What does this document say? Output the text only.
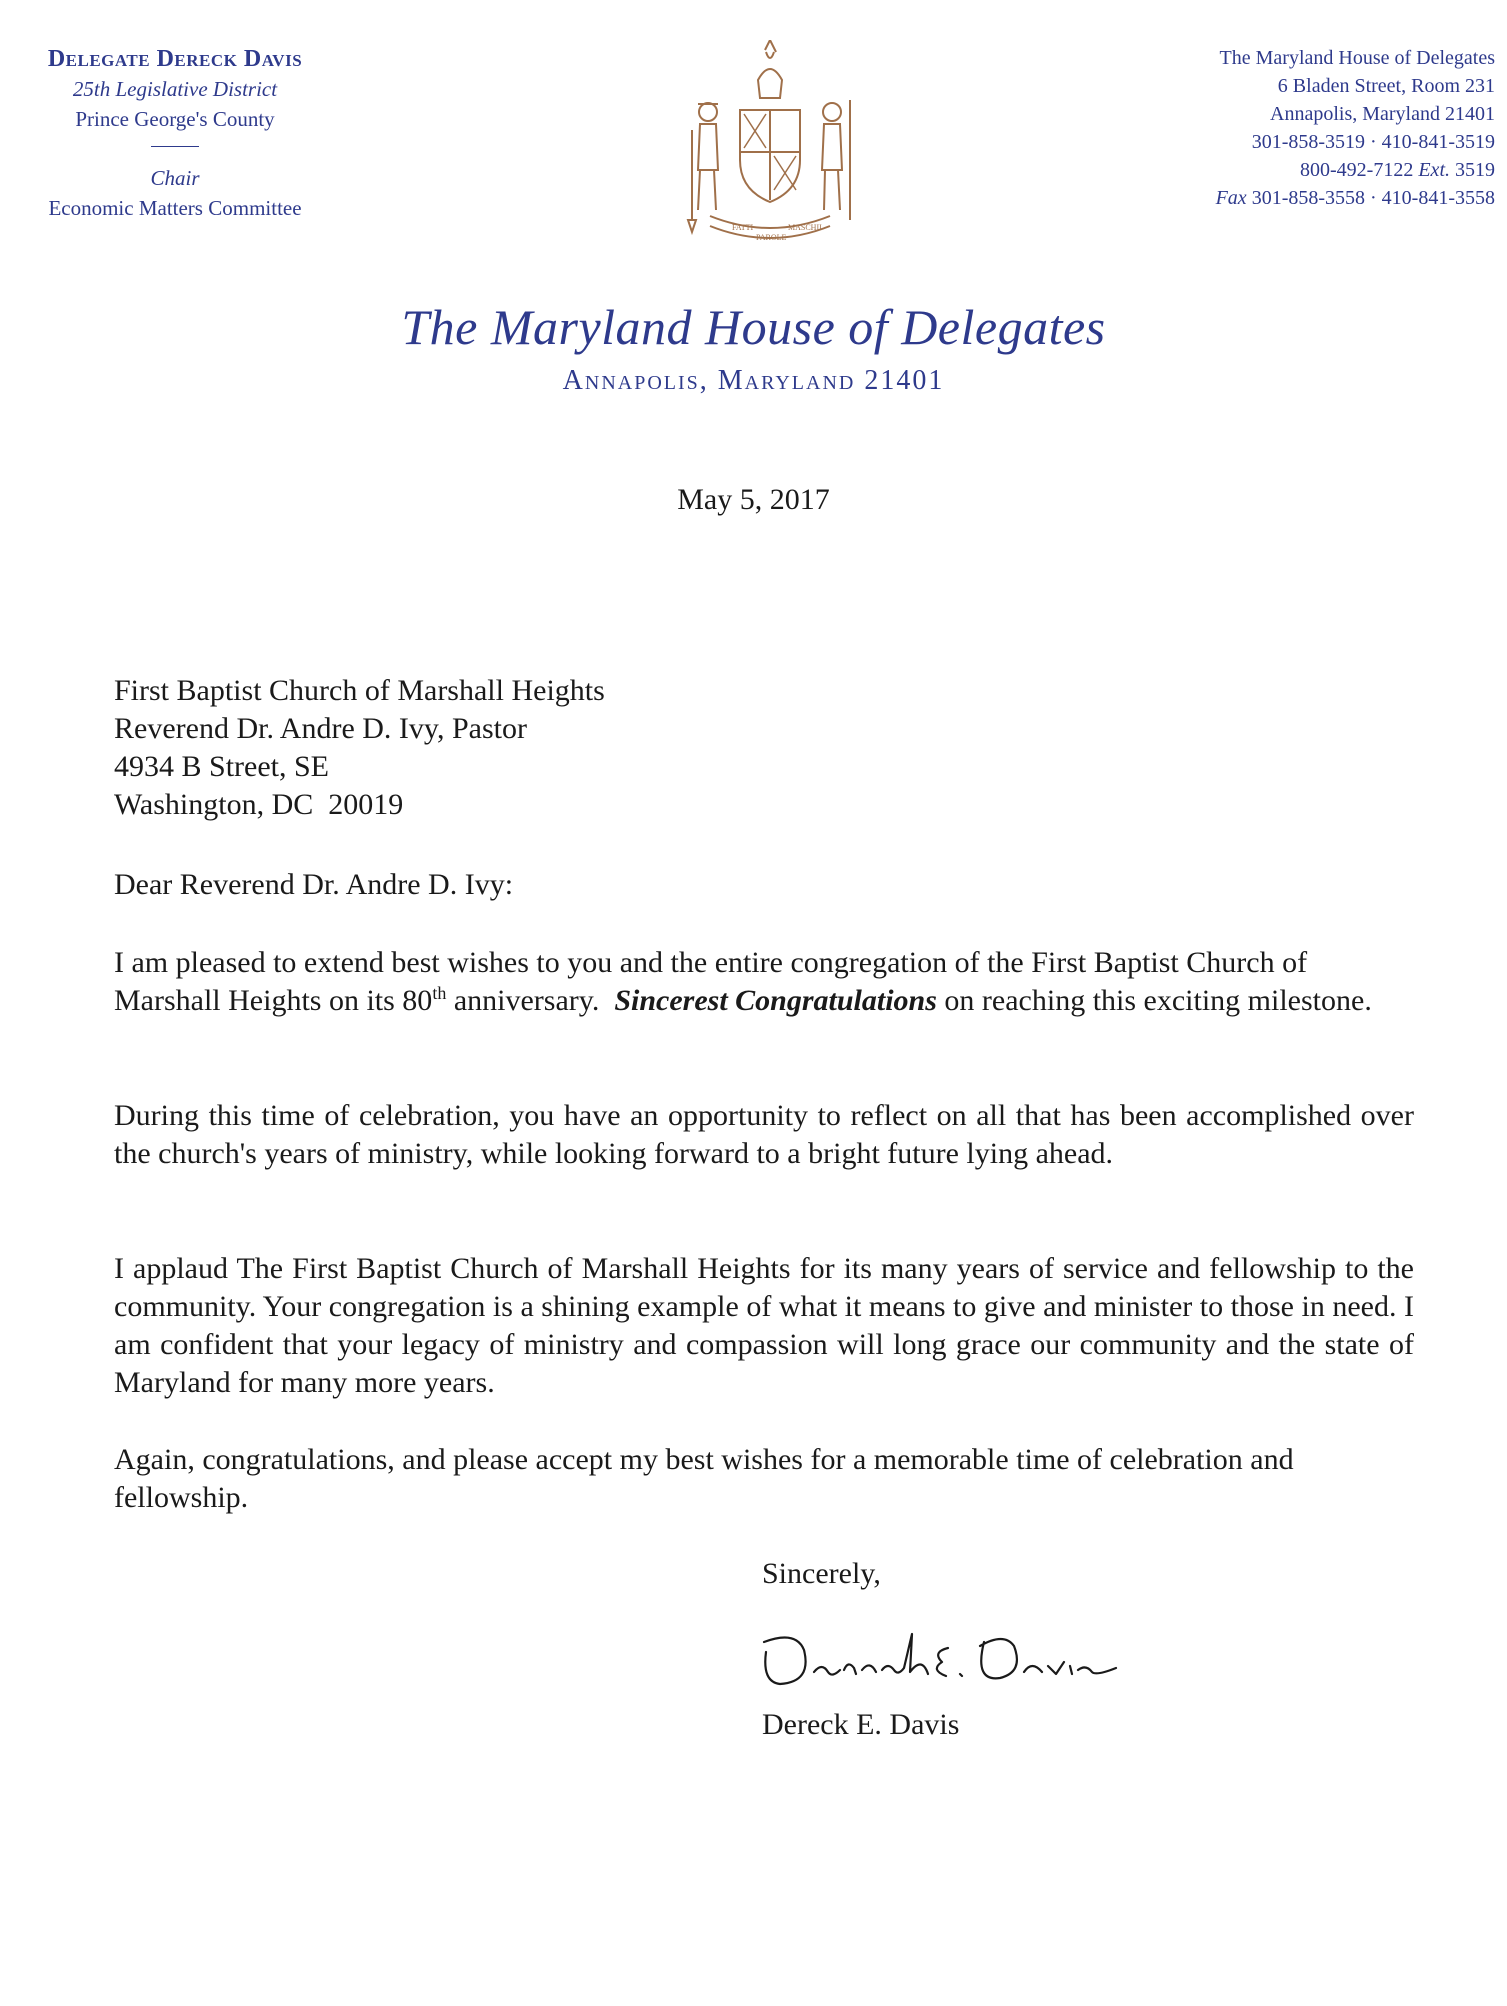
Delegate Dereck Davis
25th Legislative District
Prince George's County
Chair
Economic Matters Committee
FATTI
PAROLE
MASCHII
The Maryland House of Delegates
6 Bladen Street, Room 231
Annapolis, Maryland 21401
301-858-3519 · 410-841-3519
800-492-7122 Ext. 3519
Fax 301-858-3558 · 410-841-3558
The Maryland House of Delegates
Annapolis, Maryland 21401
May 5, 2017
First Baptist Church of Marshall Heights
Reverend Dr. Andre D. Ivy, Pastor
4934 B Street, SE
Washington, DC  20019
Dear Reverend Dr. Andre D. Ivy:
I am pleased to extend best wishes to you and the entire congregation of the First Baptist Church of Marshall Heights on its 80th anniversary.  Sincerest Congratulations on reaching this exciting milestone.
During this time of celebration, you have an opportunity to reflect on all that has been accomplished over the church's years of ministry, while looking forward to a bright future lying ahead.
I applaud The First Baptist Church of Marshall Heights for its many years of service and fellowship to the community. Your congregation is a shining example of what it means to give and minister to those in need. I am confident that your legacy of ministry and compassion will long grace our community and the state of Maryland for many more years.
Again, congratulations, and please accept my best wishes for a memorable time of celebration and fellowship.
Sincerely,
Dereck E. Davis
